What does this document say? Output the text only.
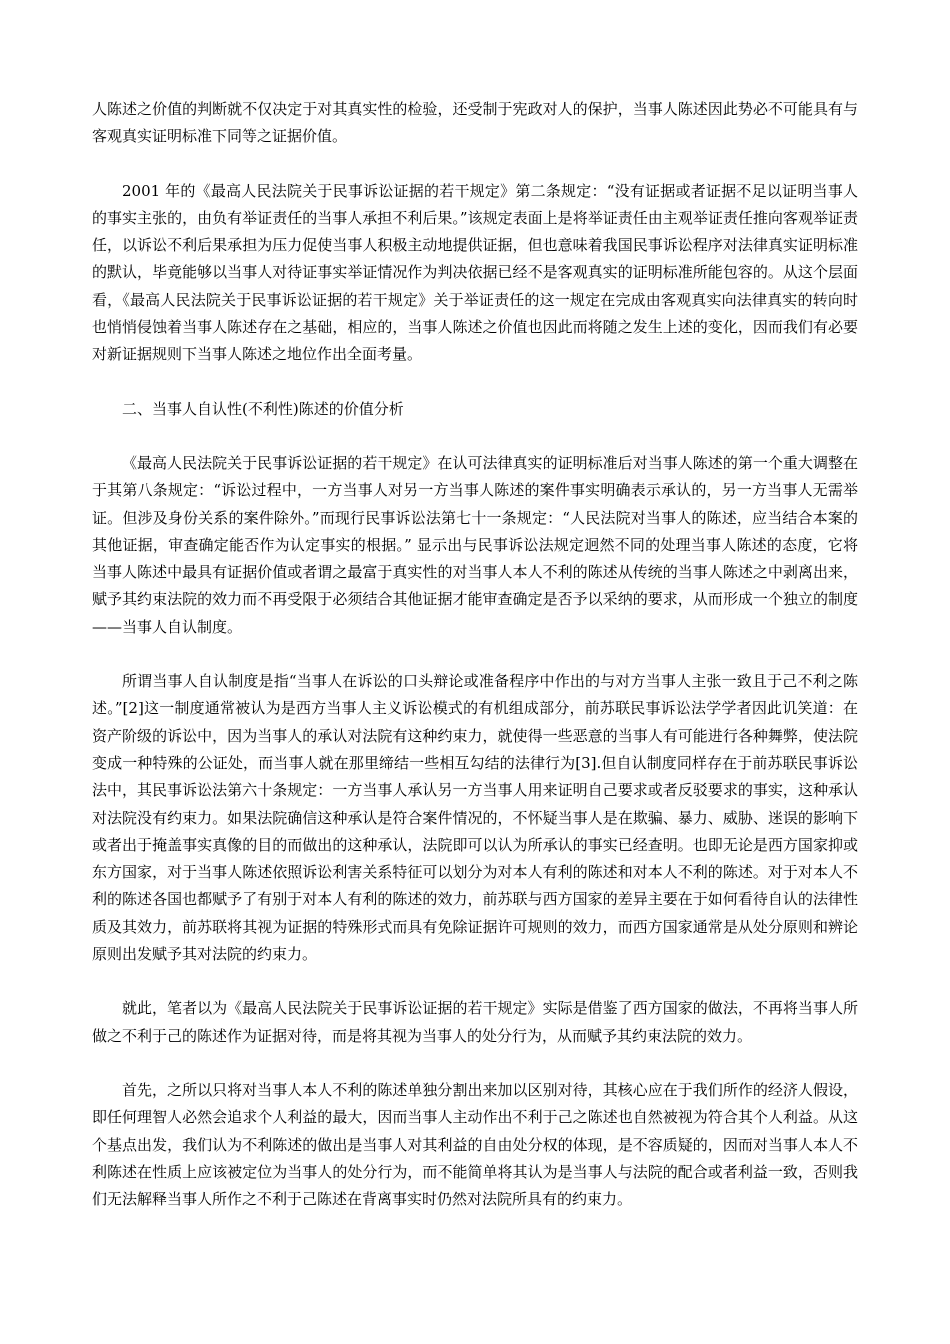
人陈述之价值的判断就不仅决定于对其真实性的检验，还受制于宪政对人的保护，当事人陈述因此势必不可能具有与客观真实证明标准下同等之证据价值。

2001 年的《最高人民法院关于民事诉讼证据的若干规定》第二条规定：“没有证据或者证据不足以证明当事人的事实主张的，由负有举证责任的当事人承担不利后果。”该规定表面上是将举证责任由主观举证责任推向客观举证责任，以诉讼不利后果承担为压力促使当事人积极主动地提供证据，但也意味着我国民事诉讼程序对法律真实证明标准的默认，毕竟能够以当事人对待证事实举证情况作为判决依据已经不是客观真实的证明标准所能包容的。从这个层面看，《最高人民法院关于民事诉讼证据的若干规定》关于举证责任的这一规定在完成由客观真实向法律真实的转向时也悄悄侵蚀着当事人陈述存在之基础，相应的，当事人陈述之价值也因此而将随之发生上述的变化，因而我们有必要对新证据规则下当事人陈述之地位作出全面考量。

二、当事人自认性(不利性)陈述的价值分析

《最高人民法院关于民事诉讼证据的若干规定》在认可法律真实的证明标准后对当事人陈述的第一个重大调整在于其第八条规定：“诉讼过程中，一方当事人对另一方当事人陈述的案件事实明确表示承认的，另一方当事人无需举证。但涉及身份关系的案件除外。”而现行民事诉讼法第七十一条规定：“人民法院对当事人的陈述，应当结合本案的其他证据，审查确定能否作为认定事实的根据。” 显示出与民事诉讼法规定迥然不同的处理当事人陈述的态度，它将当事人陈述中最具有证据价值或者谓之最富于真实性的对当事人本人不利的陈述从传统的当事人陈述之中剥离出来，赋予其约束法院的效力而不再受限于必须结合其他证据才能审查确定是否予以采纳的要求，从而形成一个独立的制度——当事人自认制度。

所谓当事人自认制度是指“当事人在诉讼的口头辩论或准备程序中作出的与对方当事人主张一致且于己不利之陈述。”[2]这一制度通常被认为是西方当事人主义诉讼模式的有机组成部分，前苏联民事诉讼法学学者因此讥笑道：在资产阶级的诉讼中，因为当事人的承认对法院有这种约束力，就使得一些恶意的当事人有可能进行各种舞弊，使法院变成一种特殊的公证处，而当事人就在那里缔结一些相互勾结的法律行为[3].但自认制度同样存在于前苏联民事诉讼法中，其民事诉讼法第六十条规定：一方当事人承认另一方当事人用来证明自己要求或者反驳要求的事实，这种承认对法院没有约束力。如果法院确信这种承认是符合案件情况的，不怀疑当事人是在欺骗、暴力、威胁、迷误的影响下或者出于掩盖事实真像的目的而做出的这种承认，法院即可以认为所承认的事实已经查明。也即无论是西方国家抑或东方国家，对于当事人陈述依照诉讼利害关系特征可以划分为对本人有利的陈述和对本人不利的陈述。对于对本人不利的陈述各国也都赋予了有别于对本人有利的陈述的效力，前苏联与西方国家的差异主要在于如何看待自认的法律性质及其效力，前苏联将其视为证据的特殊形式而具有免除证据许可规则的效力，而西方国家通常是从处分原则和辨论原则出发赋予其对法院的约束力。

就此，笔者以为《最高人民法院关于民事诉讼证据的若干规定》实际是借鉴了西方国家的做法，不再将当事人所做之不利于己的陈述作为证据对待，而是将其视为当事人的处分行为，从而赋予其约束法院的效力。

首先，之所以只将对当事人本人不利的陈述单独分割出来加以区别对待，其核心应在于我们所作的经济人假设，即任何理智人必然会追求个人利益的最大，因而当事人主动作出不利于己之陈述也自然被视为符合其个人利益。从这个基点出发，我们认为不利陈述的做出是当事人对其利益的自由处分权的体现，是不容质疑的，因而对当事人本人不利陈述在性质上应该被定位为当事人的处分行为，而不能简单将其认为是当事人与法院的配合或者利益一致，否则我们无法解释当事人所作之不利于己陈述在背离事实时仍然对法院所具有的约束力。
